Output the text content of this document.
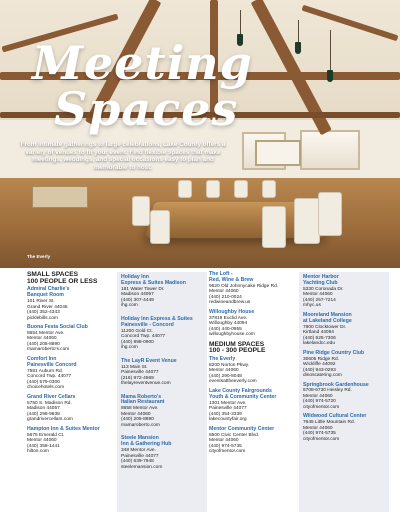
Meeting
Spaces
From intimate gatherings to large celebrations, Lake County offers a variety of venues to fit your event. Find flexible spaces that make meetings, weddings, and special occasions easy to plan and memorable to host.
The Everly
SMALL SPACES
100 PEOPLE OR LESS
Admiral Charlie's
Banquet Room
101 River St.
Grand River 44045
(440) 352-4343
picklebills.com
Buona Festa Social Club
8654 Mentor Ave.
Mentor 44060
(440) 205-8890
mamaroberto's.com
Comfort Inn
Painesville Concord
7581 Auburn Rd.
Concord Twp. 44077
(440) 579-0300
choicehotels.com
Grand River Cellars
5750 S. Madison Rd.
Madison 44057
(440) 298-9838
grandrivercellars.com
Hampton Inn & Suites Mentor
5675 Emerald Ct.
Mentor 44060
(440) 358-1441
hilton.com
Holiday Inn
Express & Suites Madison
181 Water Tower Dr.
Madison 44057
(440) 307-4449
ihg.com
Holiday Inn Express & Suites
Painesville - Concord
11200 Gold Ct.
Concord Twp. 44077
(440) 898-0900
ihg.com
The LayR Event Venue
113 Main St.
Painesville 44077
(216) 972-4569
thelayreventvenue.com
Mama Roberto's
Italian Restaurant
8658 Mentor Ave.
Mentor 44060
(440) 205-8890
mamaroberto.com
Steele Mansion
Inn & Gathering Hub
348 Mentor Ave.
Painesville 44077
(440) 639-7948
steelemansion.com
The Loft -
Red, Wine & Brew
9620 Old Johnnycake Ridge Rd.
Mentor 44060
(440) 210-0024
redwineandbrew.us
Willoughby House
37819 Euclid Ave.
Willoughby 44094
(440) 440-0955
willoughbyhouse.com
MEDIUM SPACES
100 - 300 PEOPLE
The Everly
8200 Norton Pkwy.
Mentor 44060
(440) 290-8048
eventsattheeverly.com
Lake County Fairgrounds
Youth & Community Center
1301 Mentor Ave.
Painesville 44077
(440) 354-3339
lakecountyfair.org
Mentor Community Center
8500 Civic Center Blvd.
Mentor 44060
(440) 974-5735
cityofmentor.com
Mentor Harbor
Yachting Club
5330 Coronada Dr.
Mentor 44060
(440) 257-7214
mhyc.us
Mooreland Mansion
at Lakeland College
7800 Clocktower Dr.
Kirtland 44094
(440) 525-7306
lakelandcc.edu
Pine Ridge Country Club
30605 Ridge Rd.
Wickliffe 44092
(440) 943-0293
dinoscatering.com
Springbrook Gardenhouse
6708-6730 Heisley Rd.
Mentor 44060
(440) 974-5720
cityofmentor.com
Wildwood Cultural Center
7645 Little Mountain Rd.
Mentor 44060
(440) 974-5735
cityofmentor.com
